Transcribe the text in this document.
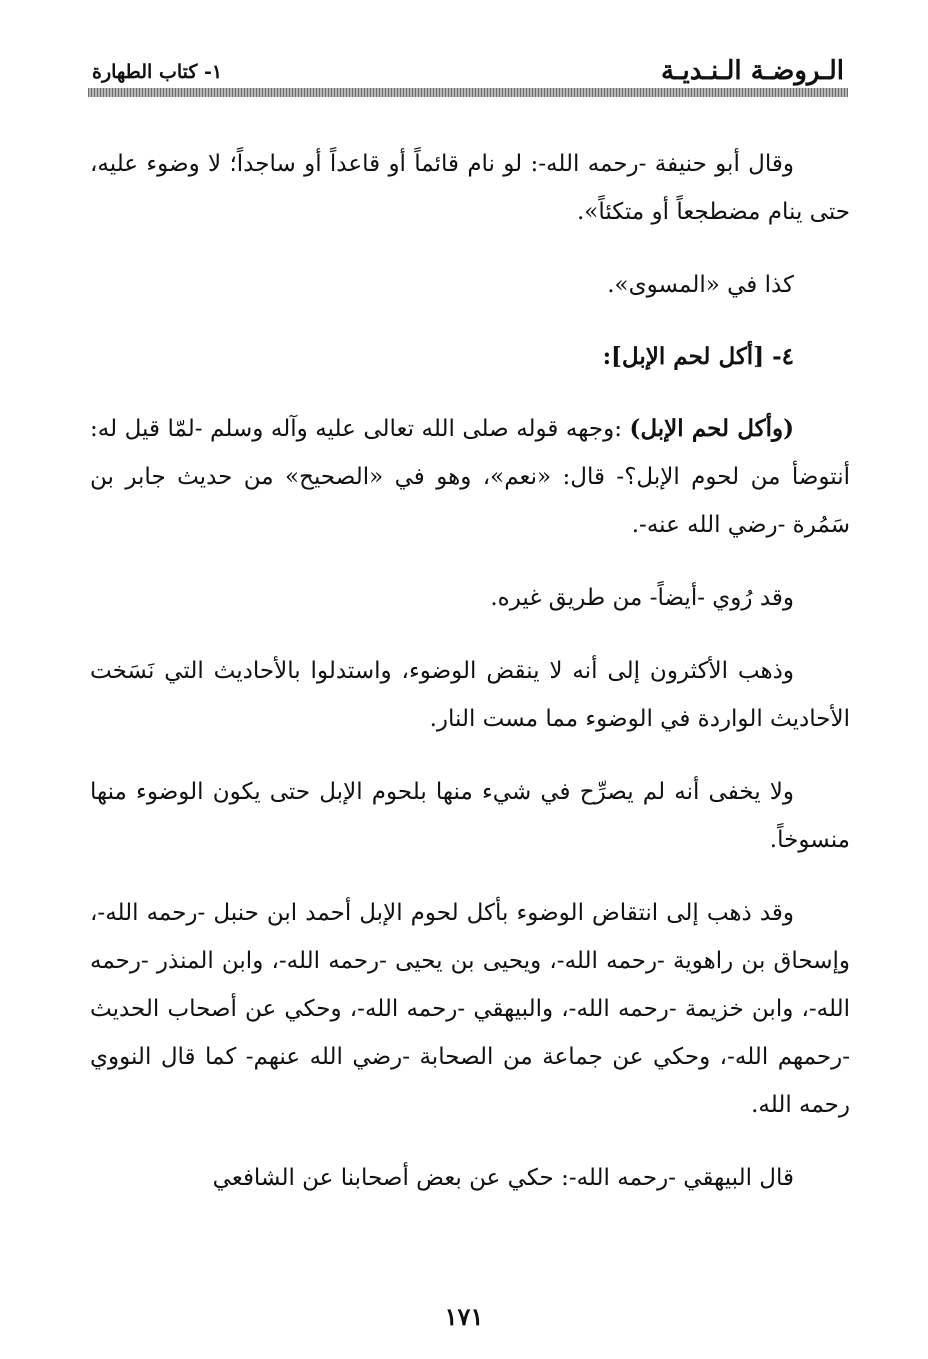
الـروضـة الـنـديـة
١- كتاب الطهارة

وقال أبو حنيفة -رحمه الله-: لو نام قائماً أو قاعداً أو ساجداً؛ لا وضوء عليه، حتى ينام مضطجعاً أو متكئاً».

كذا في «المسوى».

٤- [أكل لحم الإبل]:

(وأكل لحم الإبل) :وجهه قوله صلى الله تعالى عليه وآله وسلم -لمّا قيل له: أنتوضأ من لحوم الإبل؟- قال: «نعم»، وهو في «الصحيح» من حديث جابر بن سَمُرة -رضي الله عنه-.

وقد رُوي -أيضاً- من طريق غيره.

وذهب الأكثرون إلى أنه لا ينقض الوضوء، واستدلوا بالأحاديث التي نَسَخت الأحاديث الواردة في الوضوء مما مست النار.

ولا يخفى أنه لم يصرِّح في شيء منها بلحوم الإبل حتى يكون الوضوء منها منسوخاً.

وقد ذهب إلى انتقاض الوضوء بأكل لحوم الإبل أحمد ابن حنبل -رحمه الله-، وإسحاق بن راهوية -رحمه الله-، ويحيى بن يحيى -رحمه الله-، وابن المنذر -رحمه الله-، وابن خزيمة -رحمه الله-، والبيهقي -رحمه الله-، وحكي عن أصحاب الحديث -رحمهم الله-، وحكي عن جماعة من الصحابة -رضي الله عنهم- كما قال النووي رحمه الله.

قال البيهقي -رحمه الله-: حكي عن بعض أصحابنا عن الشافعي

١٧١
